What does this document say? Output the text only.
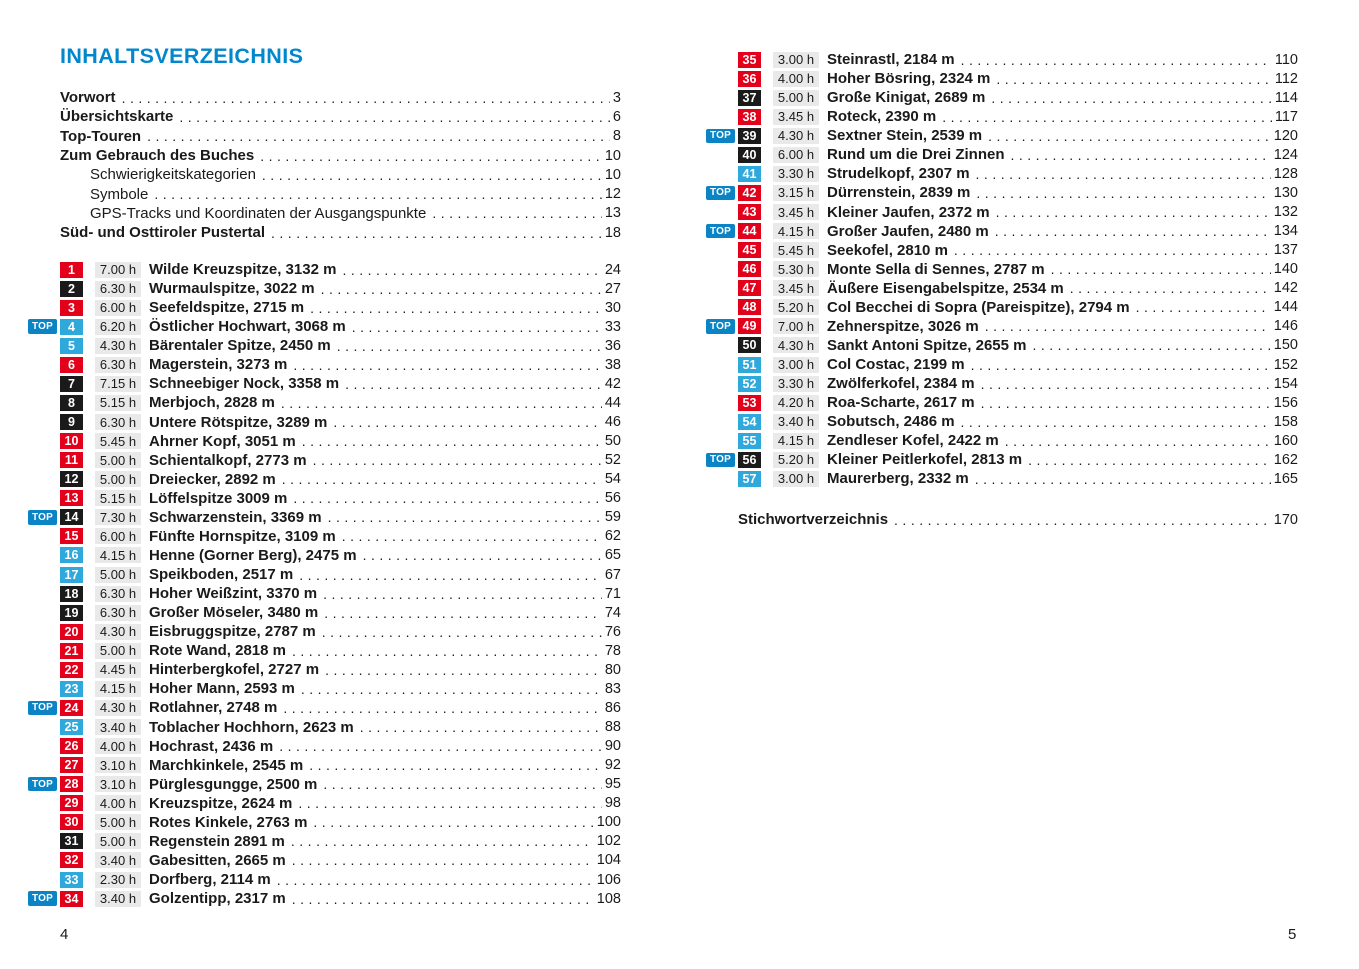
INHALTSVERZEICHNIS
Vorwort .....	3
Übersichtskarte .....	6
Top-Touren .....	8
Zum Gebrauch des Buches .....	10
Schwierigkeitskategorien .....	10
Symbole .....	12
GPS-Tracks und Koordinaten der Ausgangspunkte .....	13
Süd- und Osttiroler Pustertal .....	18
1	7.00 h Wilde Kreuzspitze, 3132 m .....	24
2	6.30 h Wurmaulspitze, 3022 m .....	27
3	6.00 h Seefeldspitze, 2715 m .....	30
TOP	4	6.20 h Östlicher Hochwart, 3068 m .....	33
5	4.30 h Bärentaler Spitze, 2450 m .....	36
6	6.30 h Magerstein, 3273 m .....	38
7	7.15 h Schneebiger Nock, 3358 m .....	42
8	5.15 h Merbjoch, 2828 m .....	44
9	6.30 h Untere Rötspitze, 3289 m .....	46
10	5.45 h Ahrner Kopf, 3051 m .....	50
11	5.00 h Schientalkopf, 2773 m .....	52
12	5.00 h Dreiecker, 2892 m .....	54
13	5.15 h Löffelspitze 3009 m .....	56
TOP 14	7.30 h Schwarzenstein, 3369 m .....	59
15	6.00 h Fünfte Hornspitze, 3109 m .....	62
16	4.15 h Henne (Gorner Berg), 2475 m .....	65
17	5.00 h Speikboden, 2517 m .....	67
18	6.30 h Hoher Weißzint, 3370 m .....	71
19	6.30 h Großer Möseler, 3480 m .....	74
20	4.30 h Eisbruggspitze, 2787 m .....	76
21	5.00 h Rote Wand, 2818 m .....	78
22	4.45 h Hinterbergkofel, 2727 m .....	80
23	4.15 h Hoher Mann, 2593 m .....	83
TOP 24	4.30 h Rotlahner, 2748 m .....	86
25	3.40 h Toblacher Hochhorn, 2623 m .....	88
26	4.00 h Hochrast, 2436 m .....	90
27	3.10 h Marchkinkele, 2545 m .....	92
TOP 28	3.10 h Pürglesgungge, 2500 m .....	95
29	4.00 h Kreuzspitze, 2624 m .....	98
30	5.00 h Rotes Kinkele, 2763 m .....	100
31	5.00 h Regenstein 2891 m .....	102
32	3.40 h Gabesitten, 2665 m .....	104
33	2.30 h Dorfberg, 2114 m .....	106
TOP 34	3.40 h Golzentipp, 2317 m .....	108
35	3.00 h Steinrastl, 2184 m .....	110
36	4.00 h Hoher Bösring, 2324 m .....	112
37	5.00 h Große Kinigat, 2689 m .....	114
38	3.45 h Roteck, 2390 m .....	117
TOP 39	4.30 h Sextner Stein, 2539 m .....	120
40	6.00 h Rund um die Drei Zinnen .....	124
41	3.30 h Strudelkopf, 2307 m .....	128
TOP 42	3.15 h Dürrenstein, 2839 m .....	130
43	3.45 h Kleiner Jaufen, 2372 m .....	132
TOP 44	4.15 h Großer Jaufen, 2480 m .....	134
45	5.45 h Seekofel, 2810 m .....	137
46	5.30 h Monte Sella di Sennes, 2787 m .....	140
47	3.45 h Äußere Eisengabelspitze, 2534 m .....	142
48	5.20 h Col Becchei di Sopra (Pareispitze), 2794 m .....	144
TOP 49	7.00 h Zehnerspitze, 3026 m .....	146
50	4.30 h Sankt Antoni Spitze, 2655 m .....	150
51	3.00 h Col Costac, 2199 m .....	152
52	3.30 h Zwölferkofel, 2384 m .....	154
53	4.20 h Roa-Scharte, 2617 m .....	156
54	3.40 h Sobutsch, 2486 m .....	158
55	4.15 h Zendleser Kofel, 2422 m .....	160
TOP 56	5.20 h Kleiner Peitlerkofel, 2813 m .....	162
57	3.00 h Maurerberg, 2332 m .....	165
Stichwortverzeichnis .....	170
4	5
